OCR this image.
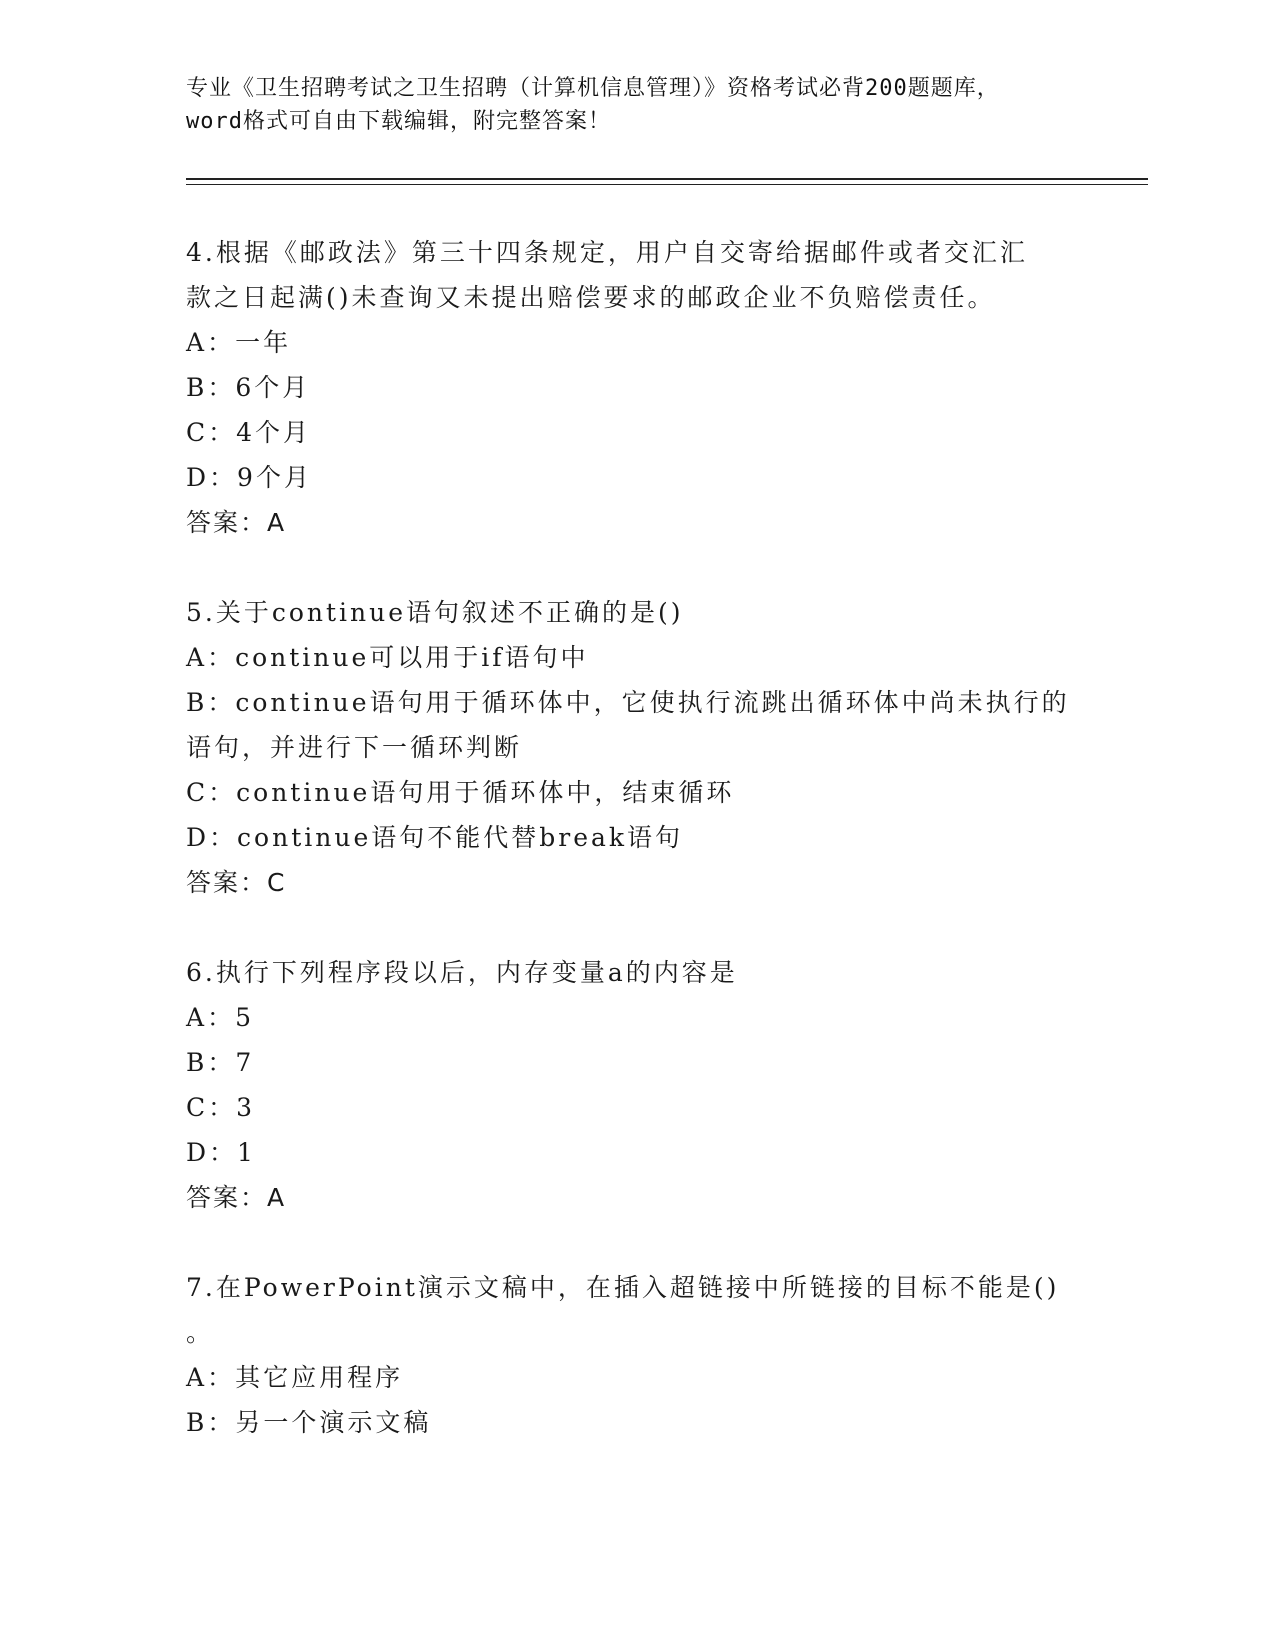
专业《卫生招聘考试之卫生招聘（计算机信息管理）》资格考试必背200题题库，
word格式可自由下载编辑，附完整答案！
4.根据《邮政法》第三十四条规定，用户自交寄给据邮件或者交汇汇
款之日起满()未查询又未提出赔偿要求的邮政企业不负赔偿责任。
A：一年
B：6个月
C：4个月
D：9个月
答案：A
5.关于continue语句叙述不正确的是()
A：continue可以用于if语句中
B：continue语句用于循环体中，它使执行流跳出循环体中尚未执行的
语句，并进行下一循环判断
C：continue语句用于循环体中，结束循环
D：continue语句不能代替break语句
答案：C
6.执行下列程序段以后，内存变量a的内容是
A：5
B：7
C：3
D：1
答案：A
7.在PowerPoint演示文稿中，在插入超链接中所链接的目标不能是()
。
A：其它应用程序
B：另一个演示文稿
